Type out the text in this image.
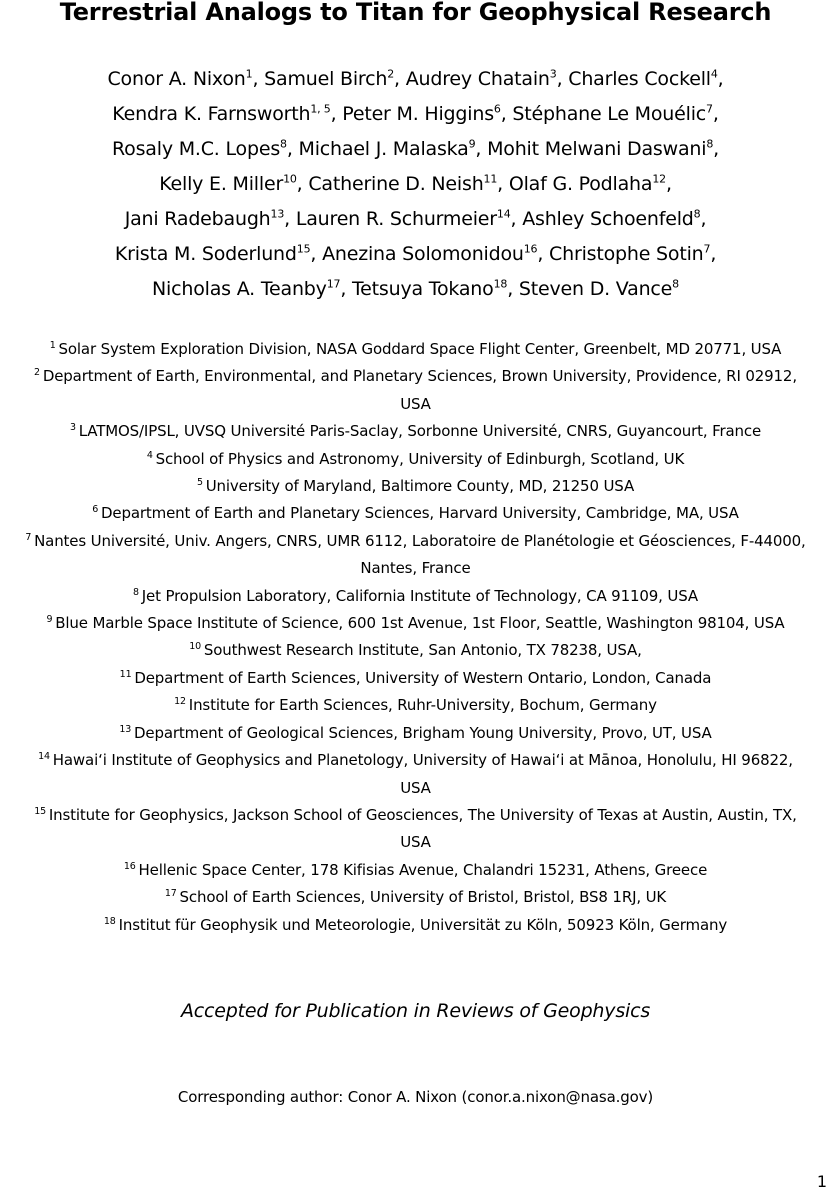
Terrestrial Analogs to Titan for Geophysical Research
Conor A. Nixon$^1$, Samuel Birch$^2$, Audrey Chatain$^3$, Charles Cockell$^4$,
Kendra K. Farnsworth$^{1, 5}$, Peter M. Higgins$^6$, Stéphane Le Mouélic$^7$,
Rosaly M.C. Lopes$^8$, Michael J. Malaska$^9$, Mohit Melwani Daswani$^8$,
Kelly E. Miller$^{10}$, Catherine D. Neish$^{11}$, Olaf G. Podlaha$^{12}$,
Jani Radebaugh$^{13}$, Lauren R. Schurmeier$^{14}$, Ashley Schoenfeld$^8$,
Krista M. Soderlund$^{15}$, Anezina Solomonidou$^{16}$, Christophe Sotin$^7$,
Nicholas A. Teanby$^{17}$, Tetsuya Tokano$^{18}$, Steven D. Vance$^8$
$^1$  Solar System Exploration Division, NASA Goddard Space Flight Center, Greenbelt, MD 20771, USA
$^2$  Department of Earth, Environmental, and Planetary Sciences, Brown University, Providence, RI 02912,
USA
$^3$  LATMOS/IPSL, UVSQ Université Paris-Saclay, Sorbonne Université, CNRS, Guyancourt, France
$^4$  School of Physics and Astronomy, University of Edinburgh, Scotland, UK
$^5$  University of Maryland, Baltimore County, MD, 21250 USA
$^6$  Department of Earth and Planetary Sciences, Harvard University, Cambridge, MA, USA
$^7$  Nantes Université, Univ. Angers, CNRS, UMR 6112, Laboratoire de Planétologie et Géosciences, F-44000,
Nantes, France
$^8$  Jet Propulsion Laboratory, California Institute of Technology, CA 91109, USA
$^9$  Blue Marble Space Institute of Science, 600 1st Avenue, 1st Floor, Seattle, Washington 98104, USA
$^{10}$  Southwest Research Institute, San Antonio, TX 78238, USA,
$^{11}$  Department of Earth Sciences, University of Western Ontario, London, Canada
$^{12}$  Institute for Earth Sciences, Ruhr-University, Bochum, Germany
$^{13}$  Department of Geological Sciences, Brigham Young University, Provo, UT, USA
$^{14}$  Hawai‘i Institute of Geophysics and Planetology, University of Hawai‘i at Mānoa, Honolulu, HI 96822,
USA
$^{15}$  Institute for Geophysics, Jackson School of Geosciences, The University of Texas at Austin, Austin, TX,
USA
$^{16}$  Hellenic Space Center, 178 Kifisias Avenue, Chalandri 15231, Athens, Greece
$^{17}$  School of Earth Sciences, University of Bristol, Bristol, BS8 1RJ, UK
$^{18}$  Institut für Geophysik und Meteorologie, Universität zu Köln, 50923 Köln, Germany
Accepted for Publication in Reviews of Geophysics
Corresponding author: Conor A. Nixon (conor.a.nixon@nasa.gov)
1
